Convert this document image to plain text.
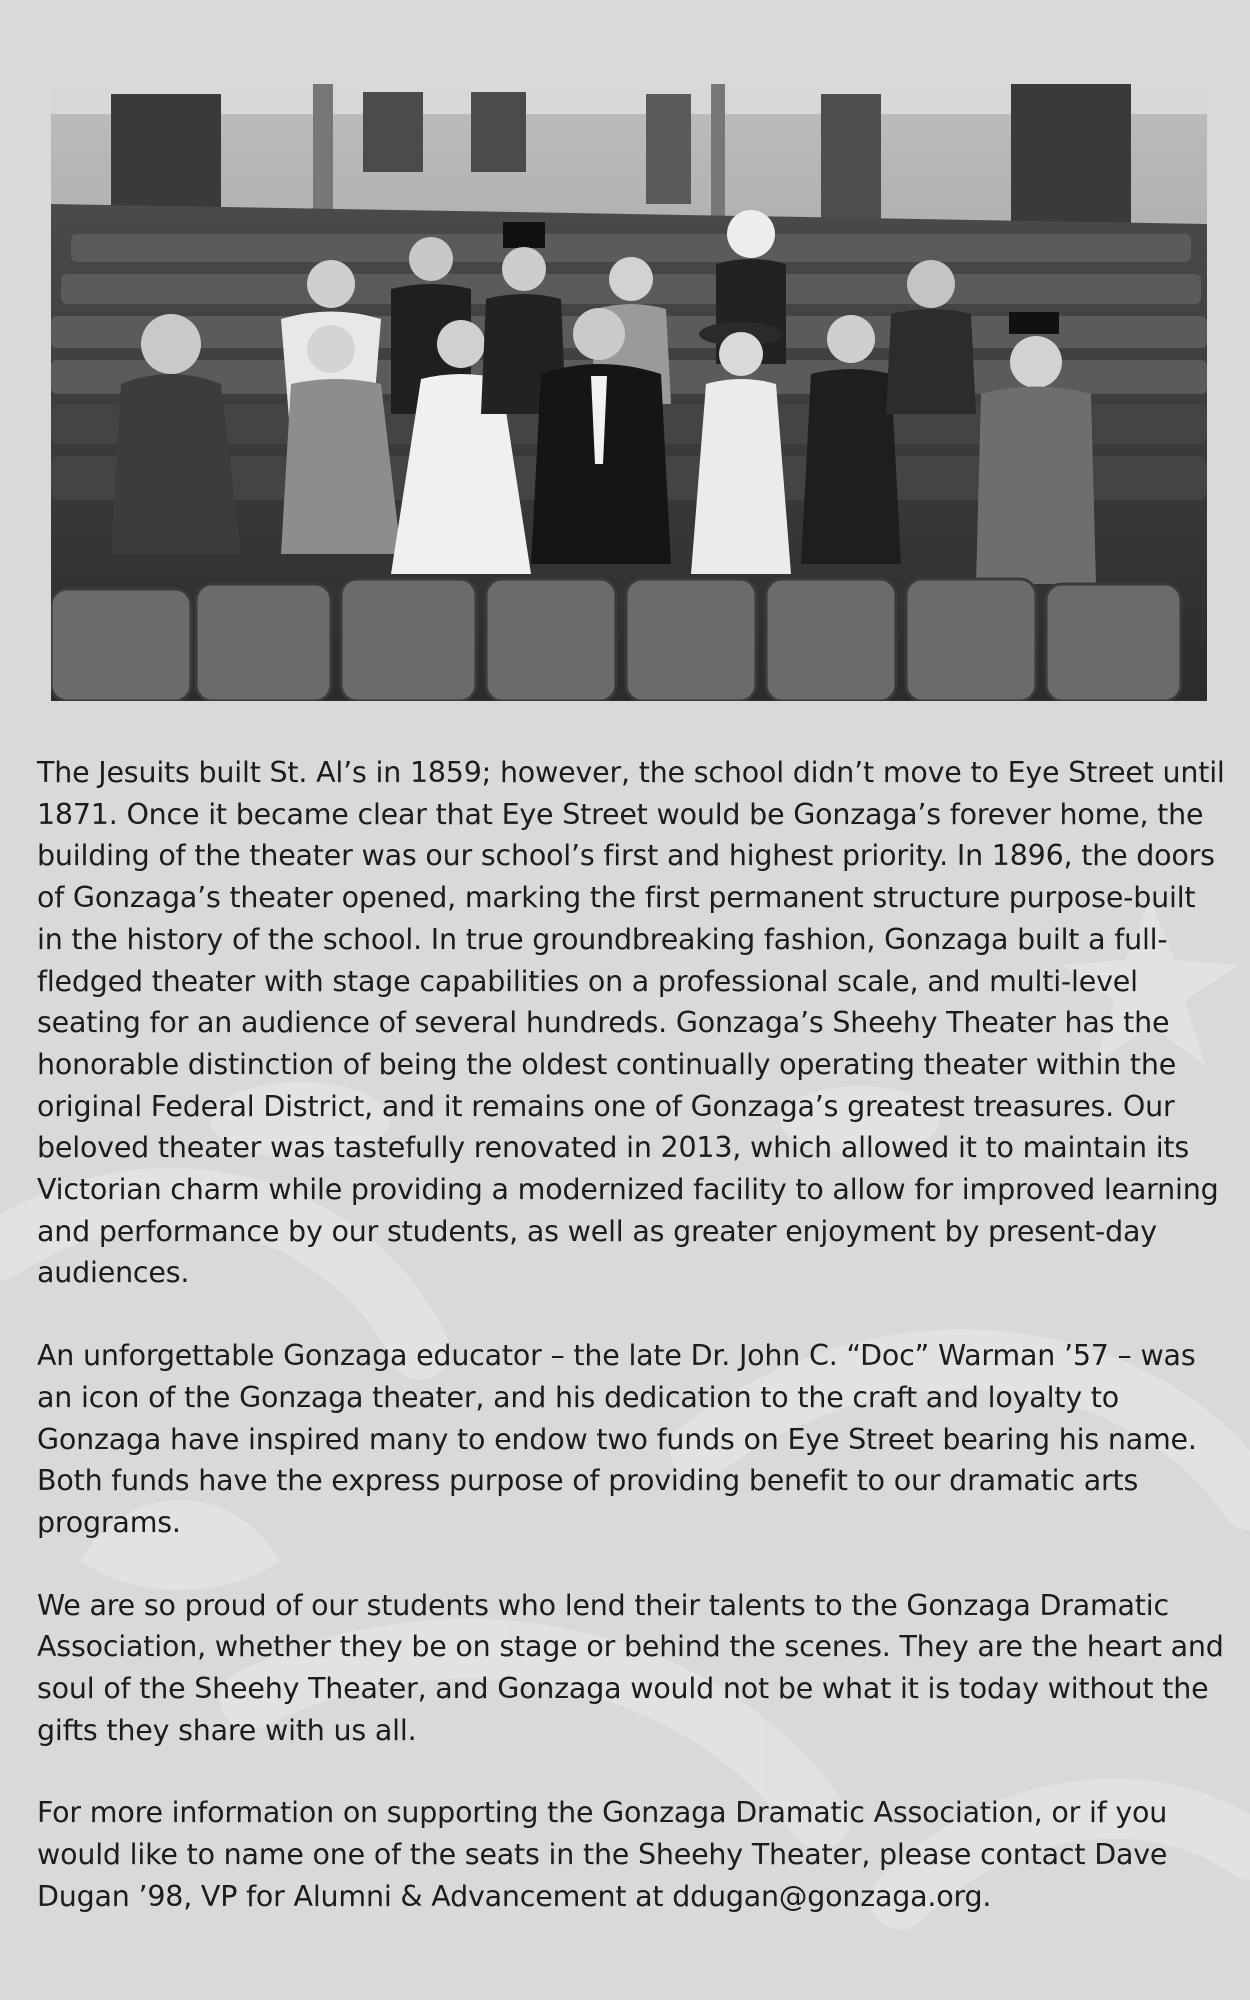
The Jesuits built St. Al’s in 1859; however, the school didn’t move to Eye Street until 1871. Once it became clear that Eye Street would be Gonzaga’s forever home, the building of the theater was our school’s first and highest priority. In 1896, the doors of Gonzaga’s theater opened, marking the first permanent structure purpose-built in the history of the school. In true groundbreaking fashion, Gonzaga built a full-fledged theater with stage capabilities on a professional scale, and multi-level seating for an audience of several hundreds. Gonzaga’s Sheehy Theater has the honorable distinction of being the oldest continually operating theater within the original Federal District, and it remains one of Gonzaga’s greatest treasures. Our beloved theater was tastefully renovated in 2013, which allowed it to maintain its Victorian charm while providing a modernized facility to allow for improved learning and performance by our students, as well as greater enjoyment by present-day audiences.

An unforgettable Gonzaga educator – the late Dr. John C. “Doc” Warman ’57 – was an icon of the Gonzaga theater, and his dedication to the craft and loyalty to Gonzaga have inspired many to endow two funds on Eye Street bearing his name. Both funds have the express purpose of providing benefit to our dramatic arts programs.

We are so proud of our students who lend their talents to the Gonzaga Dramatic Association, whether they be on stage or behind the scenes. They are the heart and soul of the Sheehy Theater, and Gonzaga would not be what it is today without the gifts they share with us all.

For more information on supporting the Gonzaga Dramatic Association, or if you would like to name one of the seats in the Sheehy Theater, please contact Dave Dugan ’98, VP for Alumni & Advancement at ddugan@gonzaga.org.
